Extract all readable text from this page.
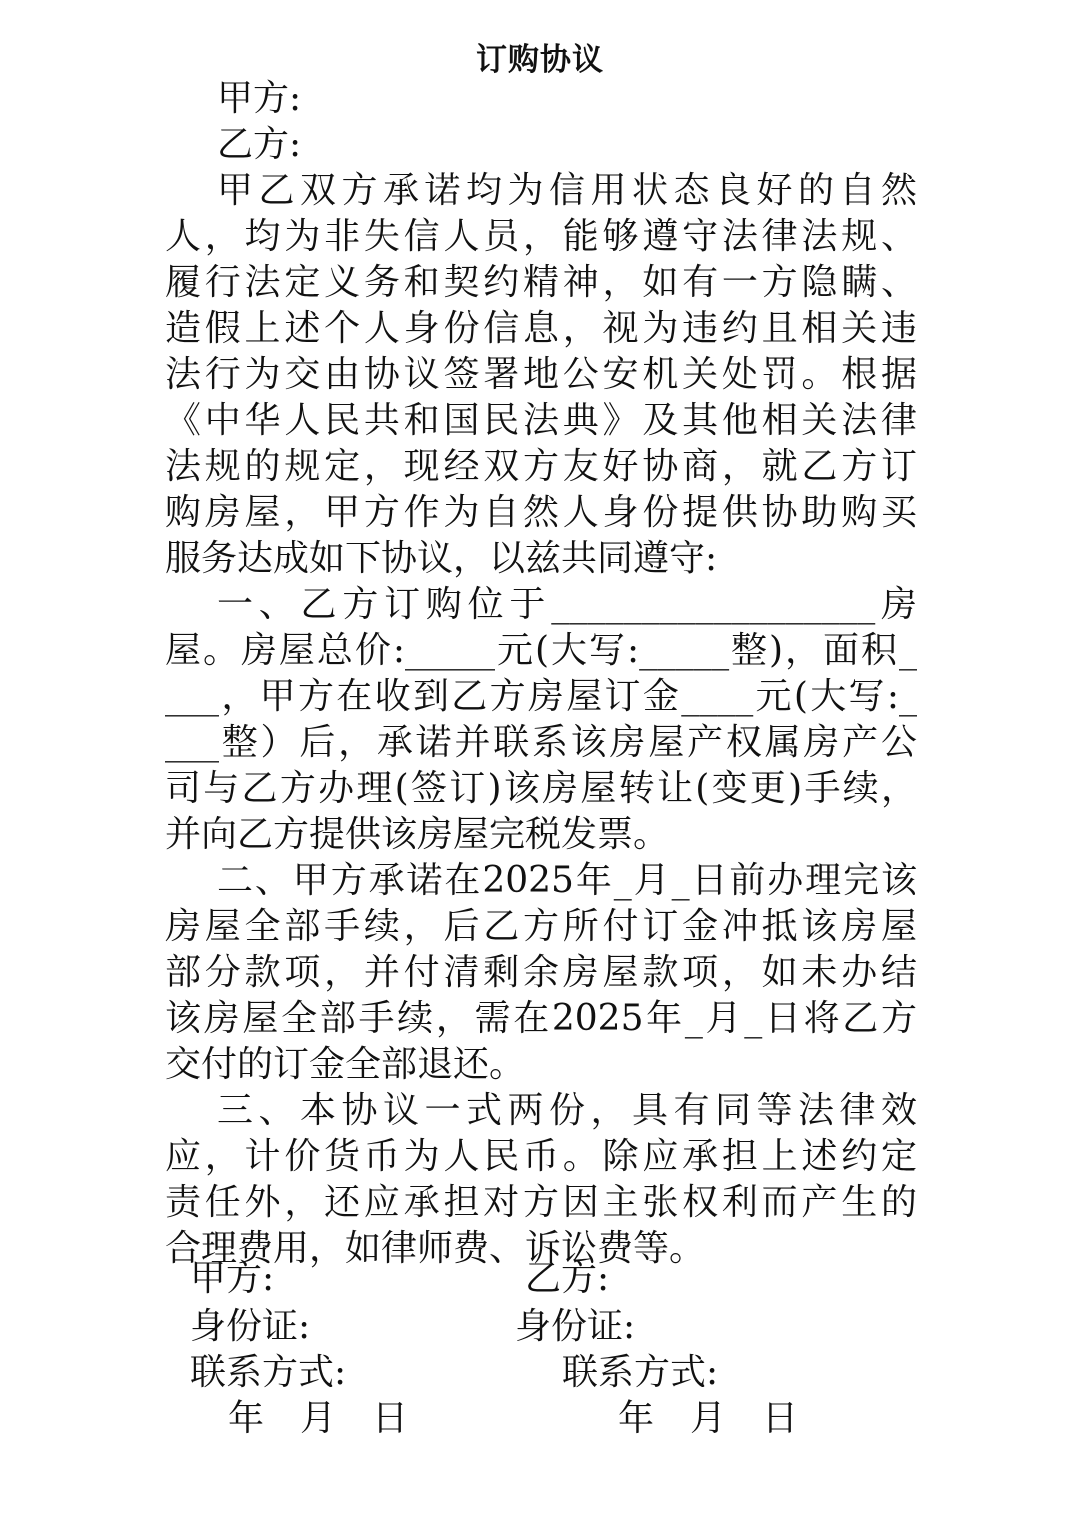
订购协议
甲方:
乙方:
甲乙双方承诺均为信用状态良好的自然
人，均为非失信人员，能够遵守法律法规、
履行法定义务和契约精神，如有一方隐瞒、
造假上述个人身份信息，视为违约且相关违
法行为交由协议签署地公安机关处罚。根据
《中华人民共和国民法典》及其他相关法律
法规的规定，现经双方友好协商，就乙方订
购房屋，甲方作为自然人身份提供协助购买
服务达成如下协议，以兹共同遵守:
一、乙方订购位于__________________房
屋。房屋总价:_____元(大写:_____整)，面积_
___，甲方在收到乙方房屋订金____元(大写:_
___整）后，承诺并联系该房屋产权属房产公
司与乙方办理(签订)该房屋转让(变更)手续，
并向乙方提供该房屋完税发票。
二、甲方承诺在2025年_月_日前办理完该
房屋全部手续，后乙方所付订金冲抵该房屋
部分款项，并付清剩余房屋款项，如未办结
该房屋全部手续，需在2025年_月_日将乙方
交付的订金全部退还。
三、本协议一式两份，具有同等法律效
应，计价货币为人民币。除应承担上述约定
责任外，还应承担对方因主张权利而产生的
合理费用，如律师费、诉讼费等。
甲方:	乙方:
身份证:	身份证:
联系方式:	联系方式:
年　月　日	年　月　日
